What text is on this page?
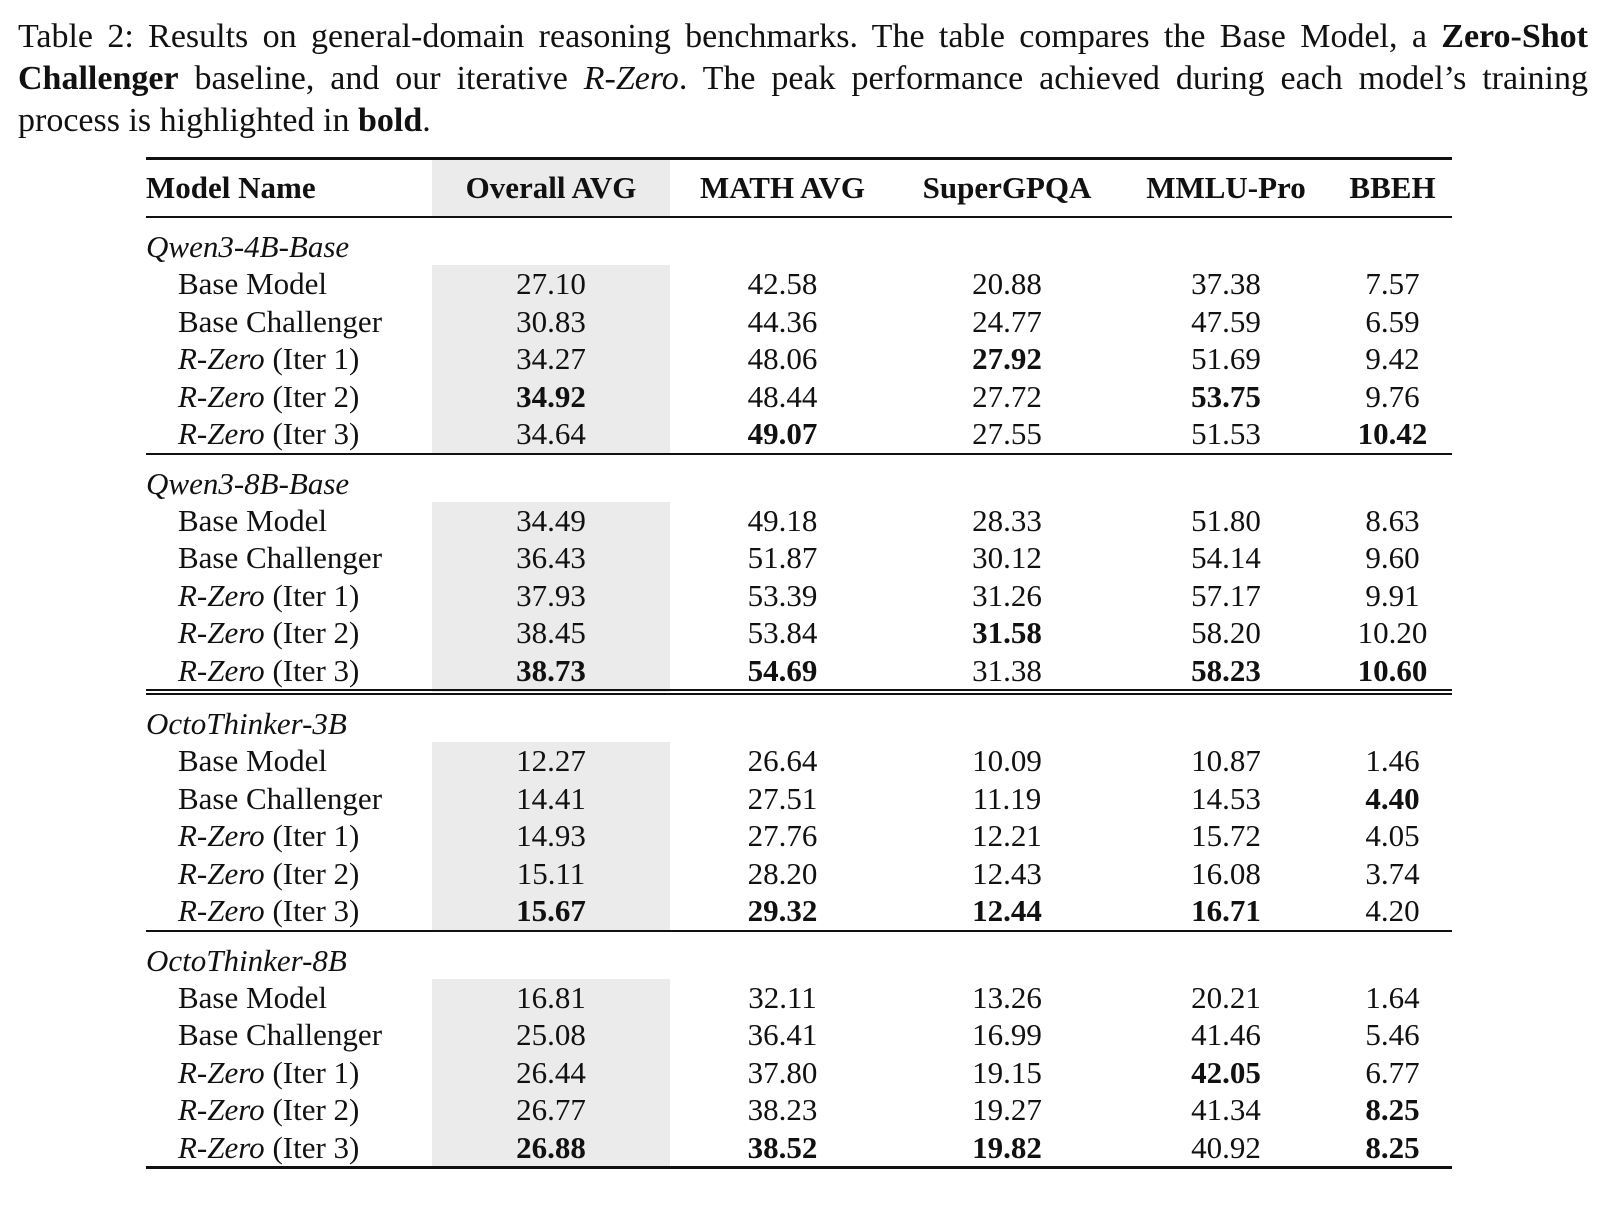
Table 2: Results on general-domain reasoning benchmarks. The table compares the Base Model, a Zero-Shot Challenger baseline, and our iterative R-Zero. The peak performance achieved during each model’s training process is highlighted in bold.
Model Name	Overall AVG	MATH AVG	SuperGPQA	MMLU-Pro	BBEH
Qwen3-4B-Base					
Base Model	27.10	42.58	20.88	37.38	7.57
Base Challenger	30.83	44.36	24.77	47.59	6.59
R-Zero (Iter 1)	34.27	48.06	27.92	51.69	9.42
R-Zero (Iter 2)	34.92	48.44	27.72	53.75	9.76
R-Zero (Iter 3)	34.64	49.07	27.55	51.53	10.42
Qwen3-8B-Base					
Base Model	34.49	49.18	28.33	51.80	8.63
Base Challenger	36.43	51.87	30.12	54.14	9.60
R-Zero (Iter 1)	37.93	53.39	31.26	57.17	9.91
R-Zero (Iter 2)	38.45	53.84	31.58	58.20	10.20
R-Zero (Iter 3)	38.73	54.69	31.38	58.23	10.60
OctoThinker-3B					
Base Model	12.27	26.64	10.09	10.87	1.46
Base Challenger	14.41	27.51	11.19	14.53	4.40
R-Zero (Iter 1)	14.93	27.76	12.21	15.72	4.05
R-Zero (Iter 2)	15.11	28.20	12.43	16.08	3.74
R-Zero (Iter 3)	15.67	29.32	12.44	16.71	4.20
OctoThinker-8B					
Base Model	16.81	32.11	13.26	20.21	1.64
Base Challenger	25.08	36.41	16.99	41.46	5.46
R-Zero (Iter 1)	26.44	37.80	19.15	42.05	6.77
R-Zero (Iter 2)	26.77	38.23	19.27	41.34	8.25
R-Zero (Iter 3)	26.88	38.52	19.82	40.92	8.25
